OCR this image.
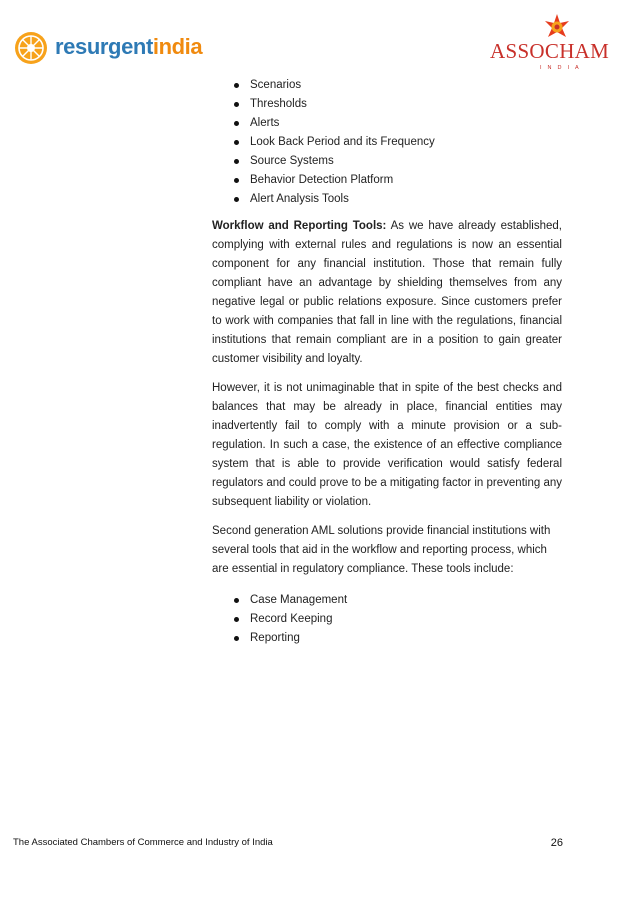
resurgentindia	ASSOCHAM
INDIA
Scenarios
Thresholds
Alerts
Look Back Period and its Frequency
Source Systems
Behavior Detection Platform
Alert Analysis Tools

Workflow and Reporting Tools: As we have already established, complying with external rules and regulations is now an essential component for any financial institution. Those that remain fully compliant have an advantage by shielding themselves from any negative legal or public relations exposure. Since customers prefer to work with companies that fall in line with the regulations, financial institutions that remain compliant are in a position to gain greater customer visibility and loyalty.

However, it is not unimaginable that in spite of the best checks and balances that may be already in place, financial entities may inadvertently fail to comply with a minute provision or a sub-regulation. In such a case, the existence of an effective compliance system that is able to provide verification would satisfy federal regulators and could prove to be a mitigating factor in preventing any subsequent liability or violation.

Second generation AML solutions provide financial institutions with several tools that aid in the workflow and reporting process, which are essential in regulatory compliance. These tools include:

Case Management
Record Keeping
Reporting
The Associated Chambers of Commerce and Industry of India	26
